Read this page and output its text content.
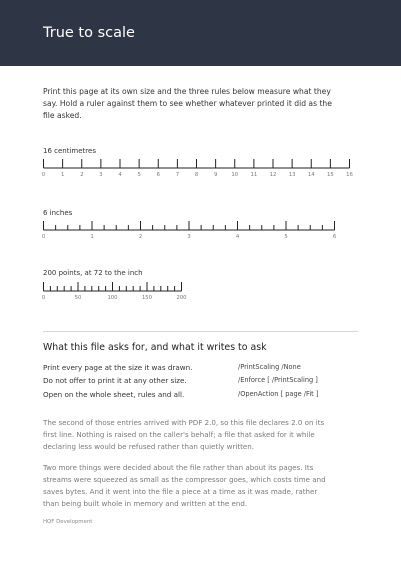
True to scale
Print this page at its own size and the three rules below measure what they say. Hold a ruler against them to see whether whatever printed it did as the file asked.
16 centimetres
0	1	2	3	4	5	6	7	8	9	10 11 12 13 14 15 16
6 inches
0	1	2	3	4	5	6
200 points, at 72 to the inch
0	50	100	150	200
What this file asks for, and what it writes to ask
Print every page at the size it was drawn.	/PrintScaling /None
Do not offer to print it at any other size.	/Enforce [ /PrintScaling ]
Open on the whole sheet, rules and all.	/OpenAction [ page /Fit ]
The second of those entries arrived with PDF 2.0, so this file declares 2.0 on its first line. Nothing is raised on the caller's behalf; a file that asked for it while declaring less would be refused rather than quietly written.
Two more things were decided about the file rather than about its pages. Its streams were squeezed as small as the compressor goes, which costs time and saves bytes. And it went into the file a piece at a time as it was made, rather than being built whole in memory and written at the end.
HQF Development
